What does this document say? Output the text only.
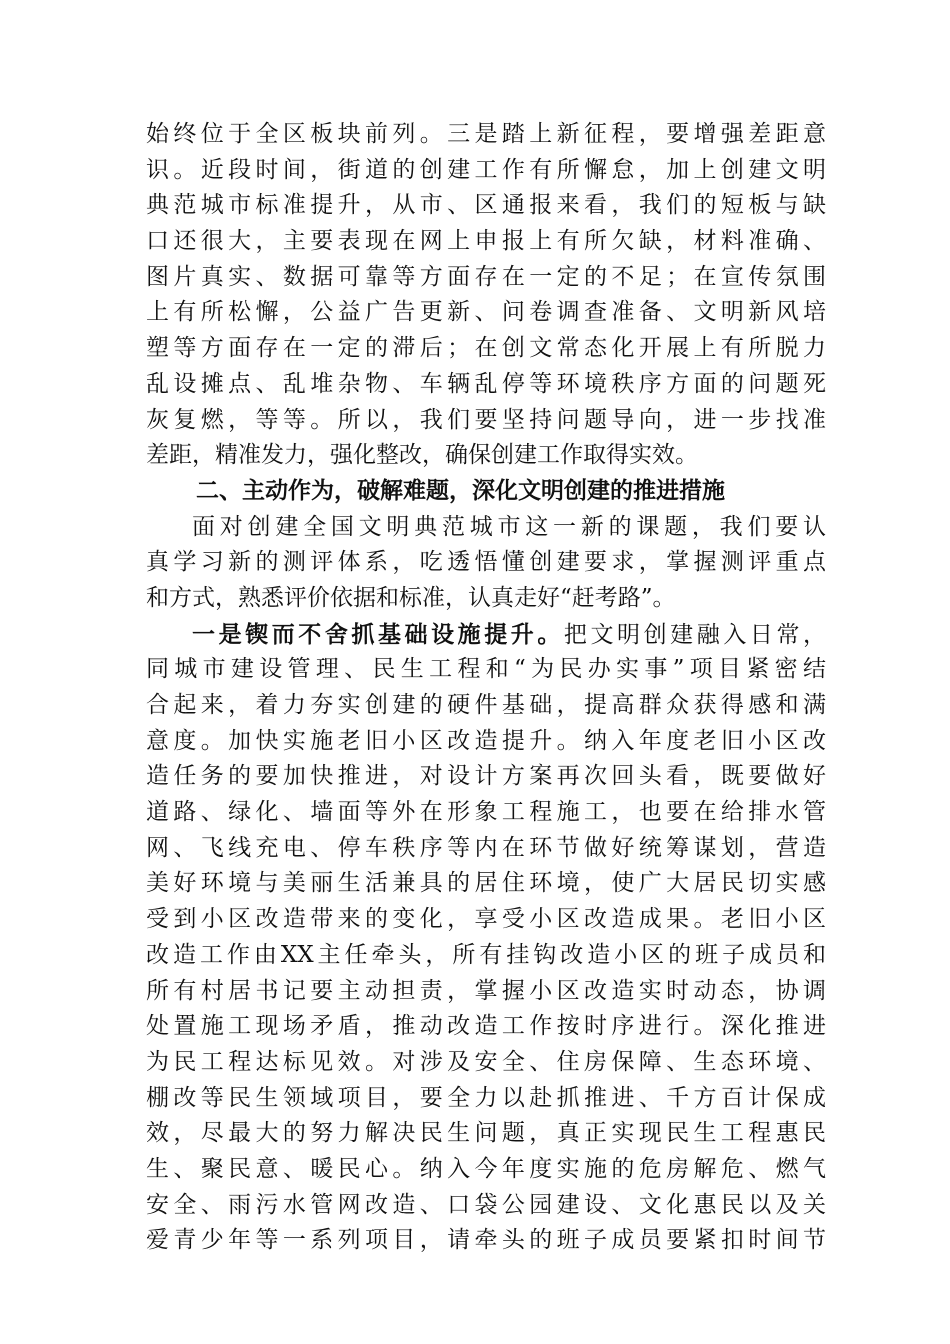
始终位于全区板块前列。三是踏上新征程，要增强差距意
识。近段时间，街道的创建工作有所懈怠，加上创建文明
典范城市标准提升，从市、区通报来看，我们的短板与缺
口还很大，主要表现在网上申报上有所欠缺，材料准确、
图片真实、数据可靠等方面存在一定的不足；在宣传氛围
上有所松懈，公益广告更新、问卷调查准备、文明新风培
塑等方面存在一定的滞后；在创文常态化开展上有所脱力
乱设摊点、乱堆杂物、车辆乱停等环境秩序方面的问题死
灰复燃，等等。所以，我们要坚持问题导向，进一步找准
差距，精准发力，强化整改，确保创建工作取得实效。
二、主动作为，破解难题，深化文明创建的推进措施
面对创建全国文明典范城市这一新的课题，我们要认
真学习新的测评体系，吃透悟懂创建要求，掌握测评重点
和方式，熟悉评价依据和标准，认真走好“赶考路”。
一是锲而不舍抓基础设施提升。把文明创建融入日常，
同城市建设管理、民生工程和“为民办实事”项目紧密结
合起来，着力夯实创建的硬件基础，提高群众获得感和满
意度。加快实施老旧小区改造提升。纳入年度老旧小区改
造任务的要加快推进，对设计方案再次回头看，既要做好
道路、绿化、墙面等外在形象工程施工，也要在给排水管
网、飞线充电、停车秩序等内在环节做好统筹谋划，营造
美好环境与美丽生活兼具的居住环境，使广大居民切实感
受到小区改造带来的变化，享受小区改造成果。老旧小区
改造工作由XX主任牵头，所有挂钩改造小区的班子成员和
所有村居书记要主动担责，掌握小区改造实时动态，协调
处置施工现场矛盾，推动改造工作按时序进行。深化推进
为民工程达标见效。对涉及安全、住房保障、生态环境、
棚改等民生领域项目，要全力以赴抓推进、千方百计保成
效，尽最大的努力解决民生问题，真正实现民生工程惠民
生、聚民意、暖民心。纳入今年度实施的危房解危、燃气
安全、雨污水管网改造、口袋公园建设、文化惠民以及关
爱青少年等一系列项目，请牵头的班子成员要紧扣时间节
